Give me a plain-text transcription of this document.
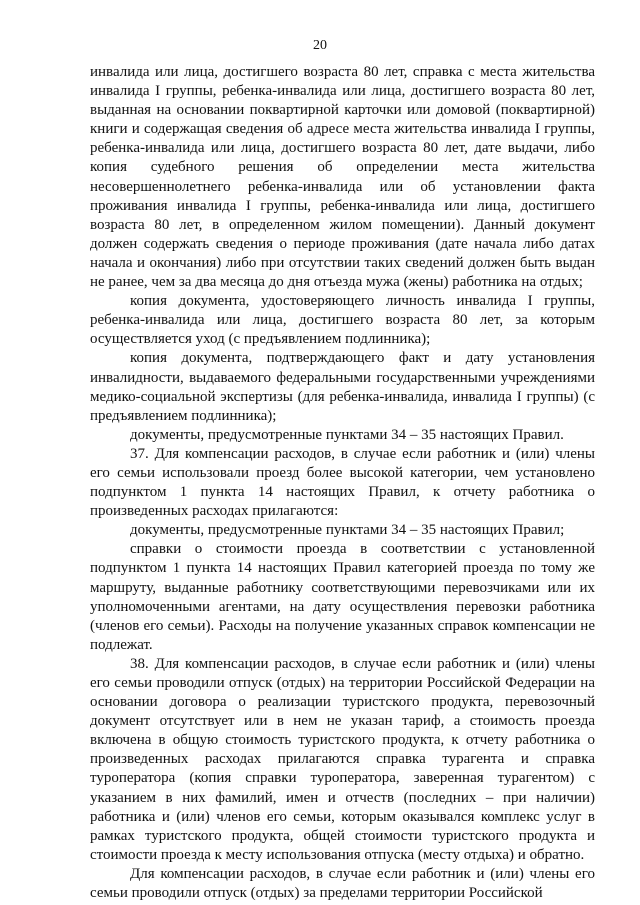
20

инвалида или лица, достигшего возраста 80 лет, справка с места жительства инвалида I группы, ребенка-инвалида или лица, достигшего возраста 80 лет, выданная на основании поквартирной карточки или домовой (поквартирной) книги и содержащая сведения об адресе места жительства инвалида I группы, ребенка-инвалида или лица, достигшего возраста 80 лет, дате выдачи, либо копия судебного решения об определении места жительства несовершеннолетнего ребенка-инвалида или об установлении факта проживания инвалида I группы, ребенка-инвалида или лица, достигшего возраста 80 лет, в определенном жилом помещении). Данный документ должен содержать сведения о периоде проживания (дате начала либо датах начала и окончания) либо при отсутствии таких сведений должен быть выдан не ранее, чем за два месяца до дня отъезда мужа (жены) работника на отдых;

копия документа, удостоверяющего личность инвалида I группы, ребенка-инвалида или лица, достигшего возраста 80 лет, за которым осуществляется уход (с предъявлением подлинника);

копия документа, подтверждающего факт и дату установления инвалидности, выдаваемого федеральными государственными учреждениями медико-социальной экспертизы (для ребенка-инвалида, инвалида I группы) (с предъявлением подлинника);

документы, предусмотренные пунктами 34 – 35 настоящих Правил.

37. Для компенсации расходов, в случае если работник и (или) члены его семьи использовали проезд более высокой категории, чем установлено подпунктом 1 пункта 14 настоящих Правил, к отчету работника о произведенных расходах прилагаются:

документы, предусмотренные пунктами 34 – 35 настоящих Правил;

справки о стоимости проезда в соответствии с установленной подпунктом 1 пункта 14 настоящих Правил категорией проезда по тому же маршруту, выданные работнику соответствующими перевозчиками или их уполномоченными агентами, на дату осуществления перевозки работника (членов его семьи). Расходы на получение указанных справок компенсации не подлежат.

38. Для компенсации расходов, в случае если работник и (или) члены его семьи проводили отпуск (отдых) на территории Российской Федерации на основании договора о реализации туристского продукта, перевозочный документ отсутствует или в нем не указан тариф, а стоимость проезда включена в общую стоимость туристского продукта, к отчету работника о произведенных расходах прилагаются справка турагента и справка туроператора (копия справки туроператора, заверенная турагентом) с указанием в них фамилий, имен и отчеств (последних – при наличии) работника и (или) членов его семьи, которым оказывался комплекс услуг в рамках туристского продукта, общей стоимости туристского продукта и стоимости проезда к месту использования отпуска (месту отдыха) и обратно.

Для компенсации расходов, в случае если работник и (или) члены его семьи проводили отпуск (отдых) за пределами территории Российской
